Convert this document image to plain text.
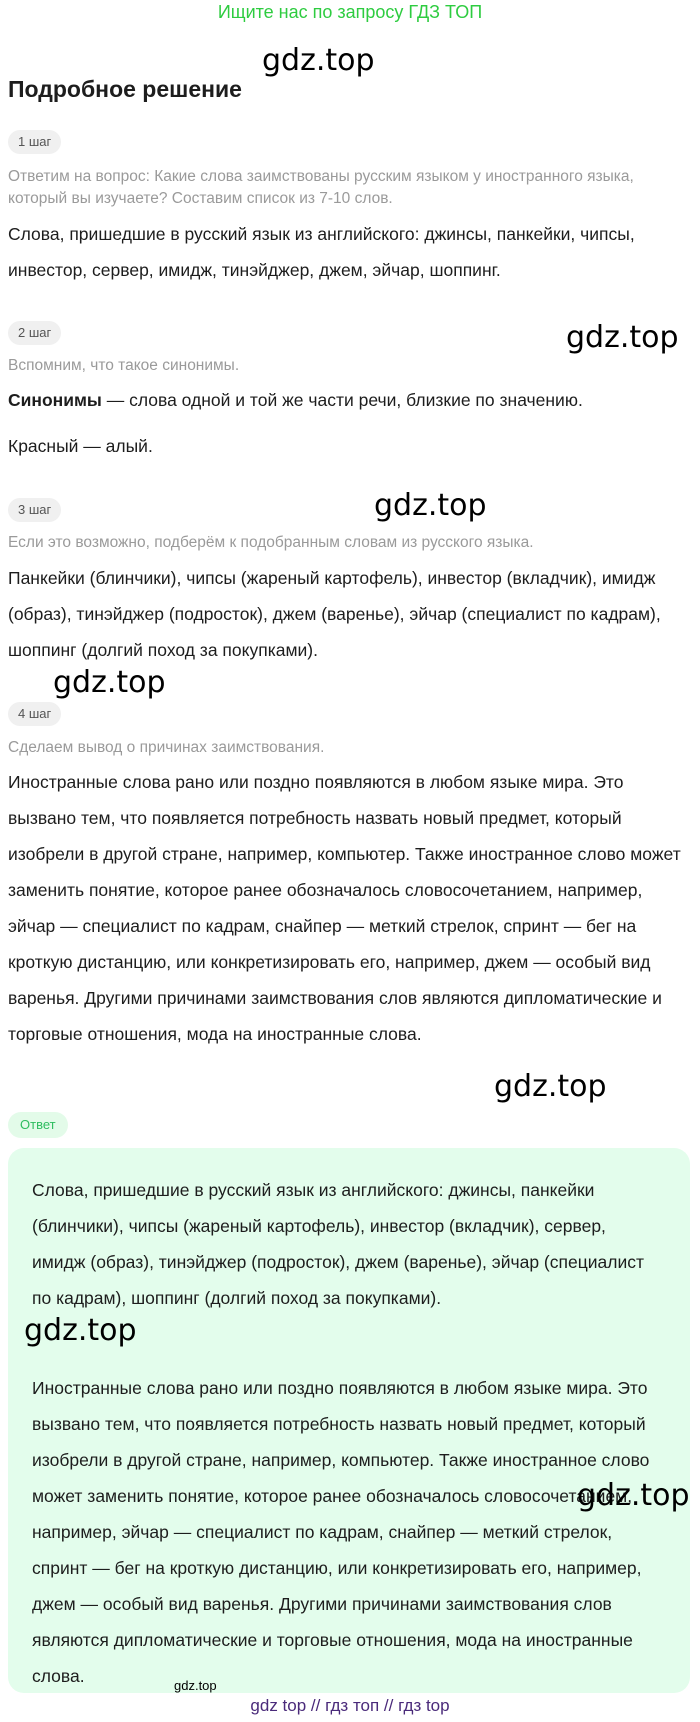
Ищите нас по запросу ГДЗ ТОП
Подробное решение
1 шаг
Ответим на вопрос: Какие слова заимствованы русским языком у иностранного языка, который вы изучаете? Составим список из 7-10 слов.
Слова, пришедшие в русский язык из английского: джинсы, панкейки, чипсы, инвестор, сервер, имидж, тинэйджер, джем, эйчар, шоппинг.
2 шаг
Вспомним, что такое синонимы.
Синонимы — слова одной и той же части речи, близкие по значению.
Красный — алый.
3 шаг
Если это возможно, подберём к подобранным словам из русского языка.
Панкейки (блинчики), чипсы (жареный картофель), инвестор (вкладчик), имидж (образ), тинэйджер (подросток), джем (варенье), эйчар (специалист по кадрам), шоппинг (долгий поход за покупками).
4 шаг
Сделаем вывод о причинах заимствования.
Иностранные слова рано или поздно появляются в любом языке мира. Это вызвано тем, что появляется потребность назвать новый предмет, который изобрели в другой стране, например, компьютер. Также иностранное слово может заменить понятие, которое ранее обозначалось словосочетанием, например, эйчар — специалист по кадрам, снайпер — меткий стрелок, спринт — бег на кроткую дистанцию, или конкретизировать его, например, джем — особый вид варенья. Другими причинами заимствования слов являются дипломатические и торговые отношения, мода на иностранные слова.
Ответ
Слова, пришедшие в русский язык из английского: джинсы, панкейки (блинчики), чипсы (жареный картофель), инвестор (вкладчик), сервер, имидж (образ), тинэйджер (подросток), джем (варенье), эйчар (специалист по кадрам), шоппинг (долгий поход за покупками).
Иностранные слова рано или поздно появляются в любом языке мира. Это вызвано тем, что появляется потребность назвать новый предмет, который изобрели в другой стране, например, компьютер. Также иностранное слово может заменить понятие, которое ранее обозначалось словосочетанием, например, эйчар — специалист по кадрам, снайпер — меткий стрелок, спринт — бег на кроткую дистанцию, или конкретизировать его, например, джем — особый вид варенья. Другими причинами заимствования слов являются дипломатические и торговые отношения, мода на иностранные слова.
gdz.top
gdz.top
gdz.top
gdz.top
gdz.top
gdz.top
gdz.top
gdz.top
gdz top // гдз топ // гдз top
